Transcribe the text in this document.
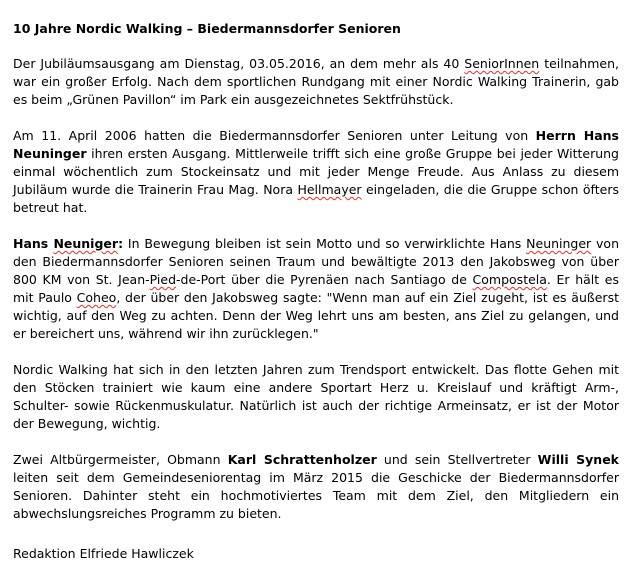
10 Jahre Nordic Walking – Biedermannsdorfer Senioren
Der Jubiläumsausgang am Dienstag, 03.05.2016, an dem mehr als 40 SeniorInnen teilnahmen, war ein großer Erfolg. Nach dem sportlichen Rundgang mit einer Nordic Walking Trainerin, gab es beim „Grünen Pavillon“ im Park ein ausgezeichnetes Sektfrühstück.
Am 11. April 2006 hatten die Biedermannsdorfer Senioren unter Leitung von Herrn Hans Neuninger ihren ersten Ausgang. Mittlerweile trifft sich eine große Gruppe bei jeder Witterung einmal wöchentlich zum Stockeinsatz und mit jeder Menge Freude. Aus Anlass zu diesem Jubiläum wurde die Trainerin Frau Mag. Nora Hellmayer eingeladen, die die Gruppe schon öfters betreut hat.
Hans Neuniger: In Bewegung bleiben ist sein Motto und so verwirklichte Hans Neuninger von den Biedermannsdorfer Senioren seinen Traum und bewältigte 2013 den Jakobsweg von über 800 KM von St. Jean-Pied-de-Port über die Pyrenäen nach Santiago de Compostela. Er hält es mit Paulo Coheo, der über den Jakobsweg sagte: "Wenn man auf ein Ziel zugeht, ist es äußerst wichtig, auf den Weg zu achten. Denn der Weg lehrt uns am besten, ans Ziel zu gelangen, und er bereichert uns, während wir ihn zurücklegen."
Nordic Walking hat sich in den letzten Jahren zum Trendsport entwickelt. Das flotte Gehen mit den Stöcken trainiert wie kaum eine andere Sportart Herz u. Kreislauf und kräftigt Arm-, Schulter- sowie Rückenmuskulatur. Natürlich ist auch der richtige Armeinsatz, er ist der Motor der Bewegung, wichtig.
Zwei Altbürgermeister, Obmann Karl Schrattenholzer und sein Stellvertreter Willi Synek leiten seit dem Gemeindeseniorentag im März 2015 die Geschicke der Biedermannsdorfer Senioren. Dahinter steht ein hochmotiviertes Team mit dem Ziel, den Mitgliedern ein abwechslungsreiches Programm zu bieten.
Redaktion Elfriede Hawliczek
